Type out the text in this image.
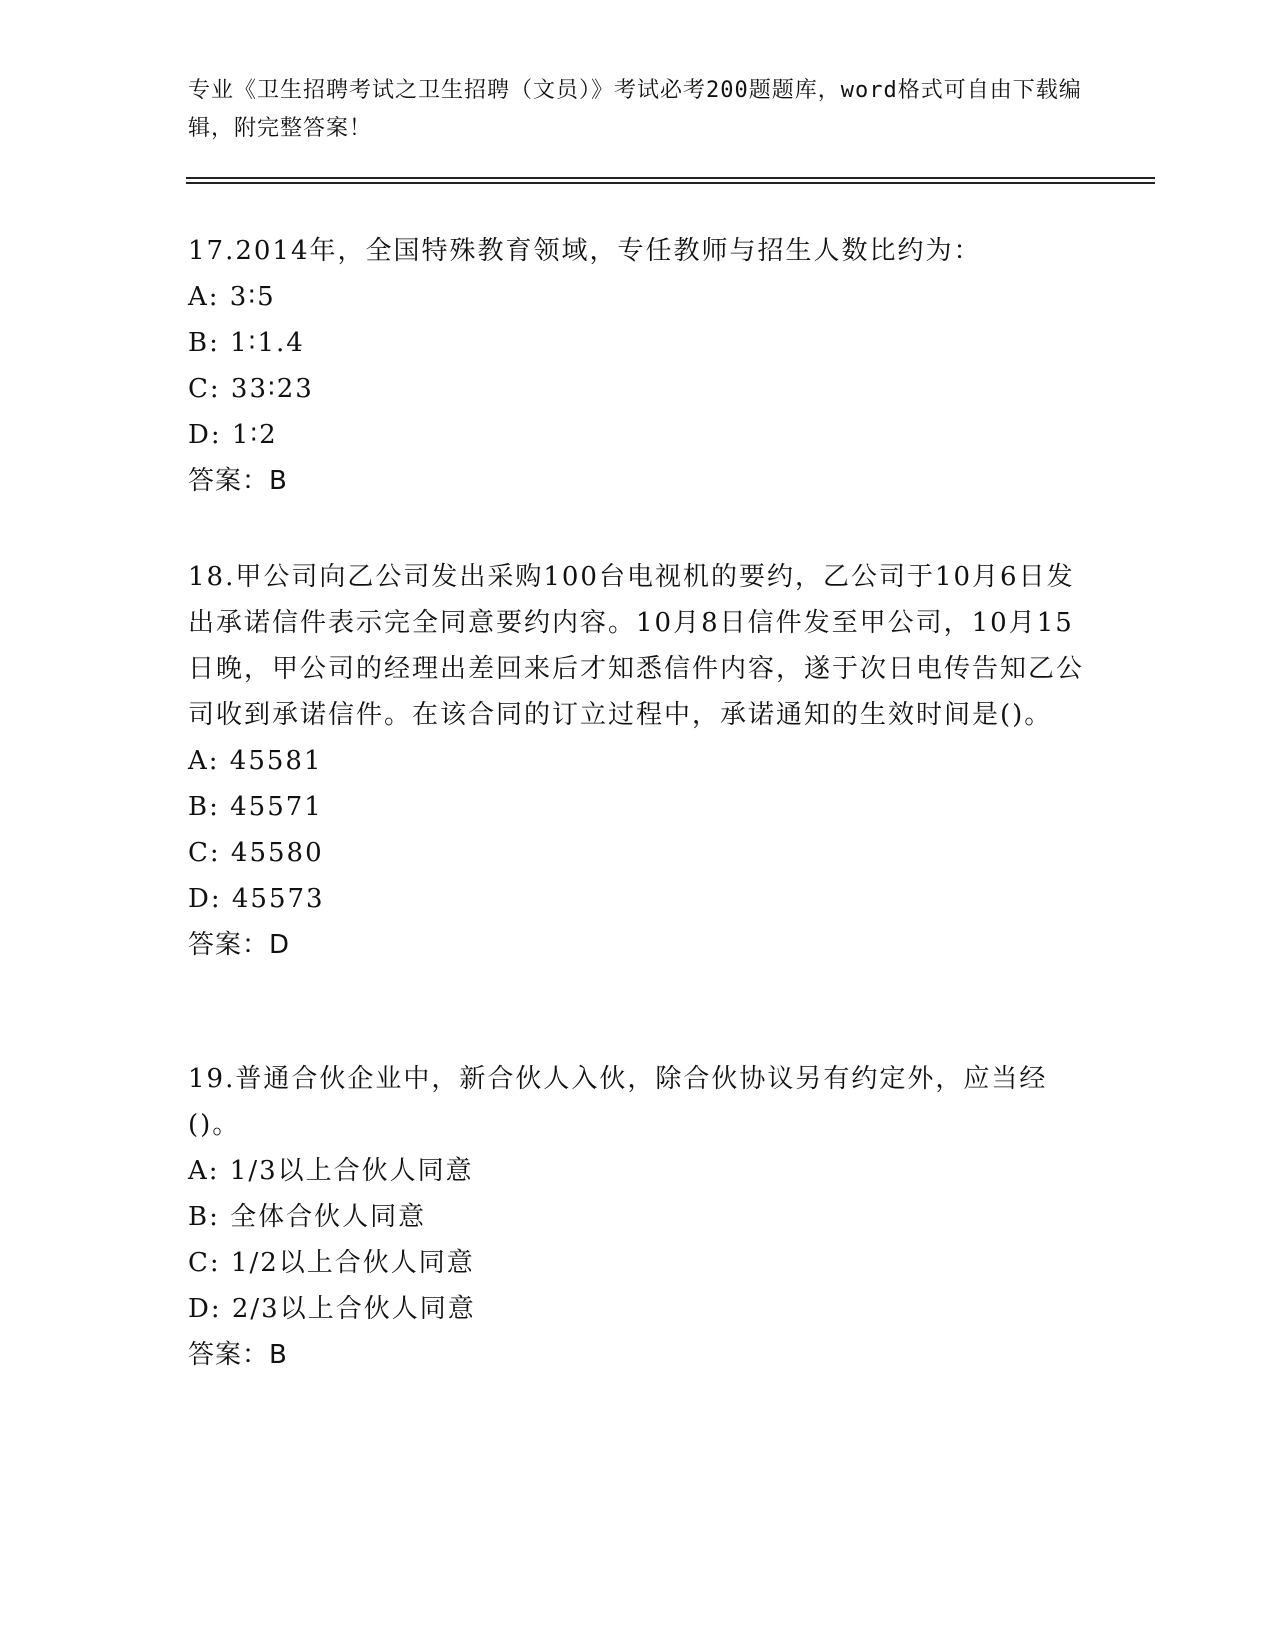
专业《卫生招聘考试之卫生招聘（文员）》考试必考200题题库，word格式可自由下载编辑，附完整答案！

17.2014年，全国特殊教育领域，专任教师与招生人数比约为：

A: 3∶5

B: 1∶1.4

C: 33∶23

D: 1∶2

答案：B

18.甲公司向乙公司发出采购100台电视机的要约，乙公司于10月6日发出承诺信件表示完全同意要约内容。10月8日信件发至甲公司，10月15日晚，甲公司的经理出差回来后才知悉信件内容，遂于次日电传告知乙公司收到承诺信件。在该合同的订立过程中，承诺通知的生效时间是()。

A: 45581

B: 45571

C: 45580

D: 45573

答案：D

19.普通合伙企业中，新合伙人入伙，除合伙协议另有约定外，应当经()。

A: 1/3以上合伙人同意

B: 全体合伙人同意

C: 1/2以上合伙人同意

D: 2/3以上合伙人同意

答案：B
